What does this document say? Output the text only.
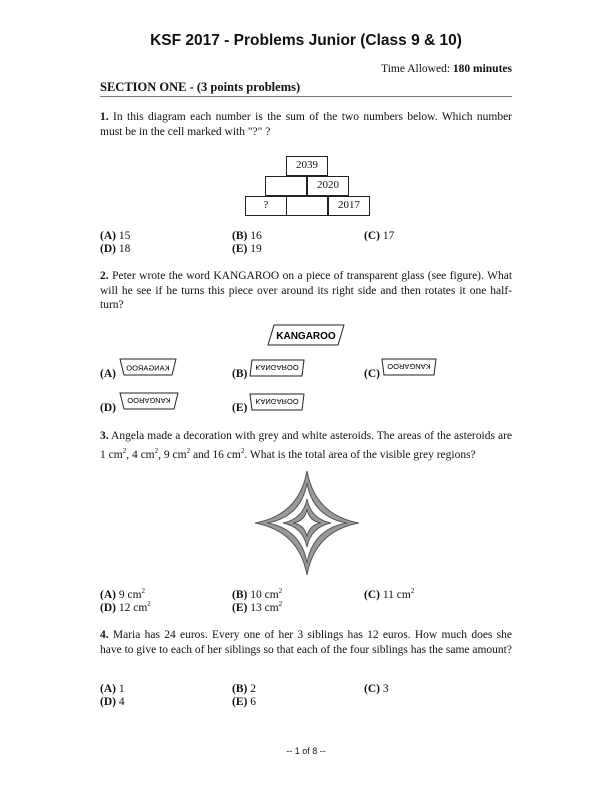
KSF 2017 - Problems Junior (Class 9 & 10)
Time Allowed: 180 minutes
SECTION ONE - (3 points problems)
1. In this diagram each number is the sum of the two numbers below. Which number must be in the cell marked with "?" ?
2039
2020
?	2017
(A) 15	(B) 16	(C) 17
(D) 18	(E) 19
2. Peter wrote the word KANGAROO on a piece of transparent glass (see figure). What will he see if he turns this piece over around its right side and then rotates it one half-turn?
KANGAROO
(A) KANGAROO	(B)
KANGAROO
(C)
KANGAROO
(D)
KANGAROO
(E)
KANGAROO
3. Angela made a decoration with grey and white asteroids. The areas of the asteroids are 1 $cm^2$, 4 $cm^2$, 9 $cm^2$ and 16 $cm^2$. What is the total area of the visible grey regions?
(A) 9 $cm^2$	(B) 10 $cm^2$	(C) 11 $cm^2$
(D) 12 $cm^2$	(E) 13 $cm^2$
4. Maria has 24 euros. Every one of her 3 siblings has 12 euros. How much does she have to give to each of her siblings so that each of the four siblings has the same amount?
(A) 1	(B) 2	(C) 3
(D) 4	(E) 6
-- 1 of 8 --
